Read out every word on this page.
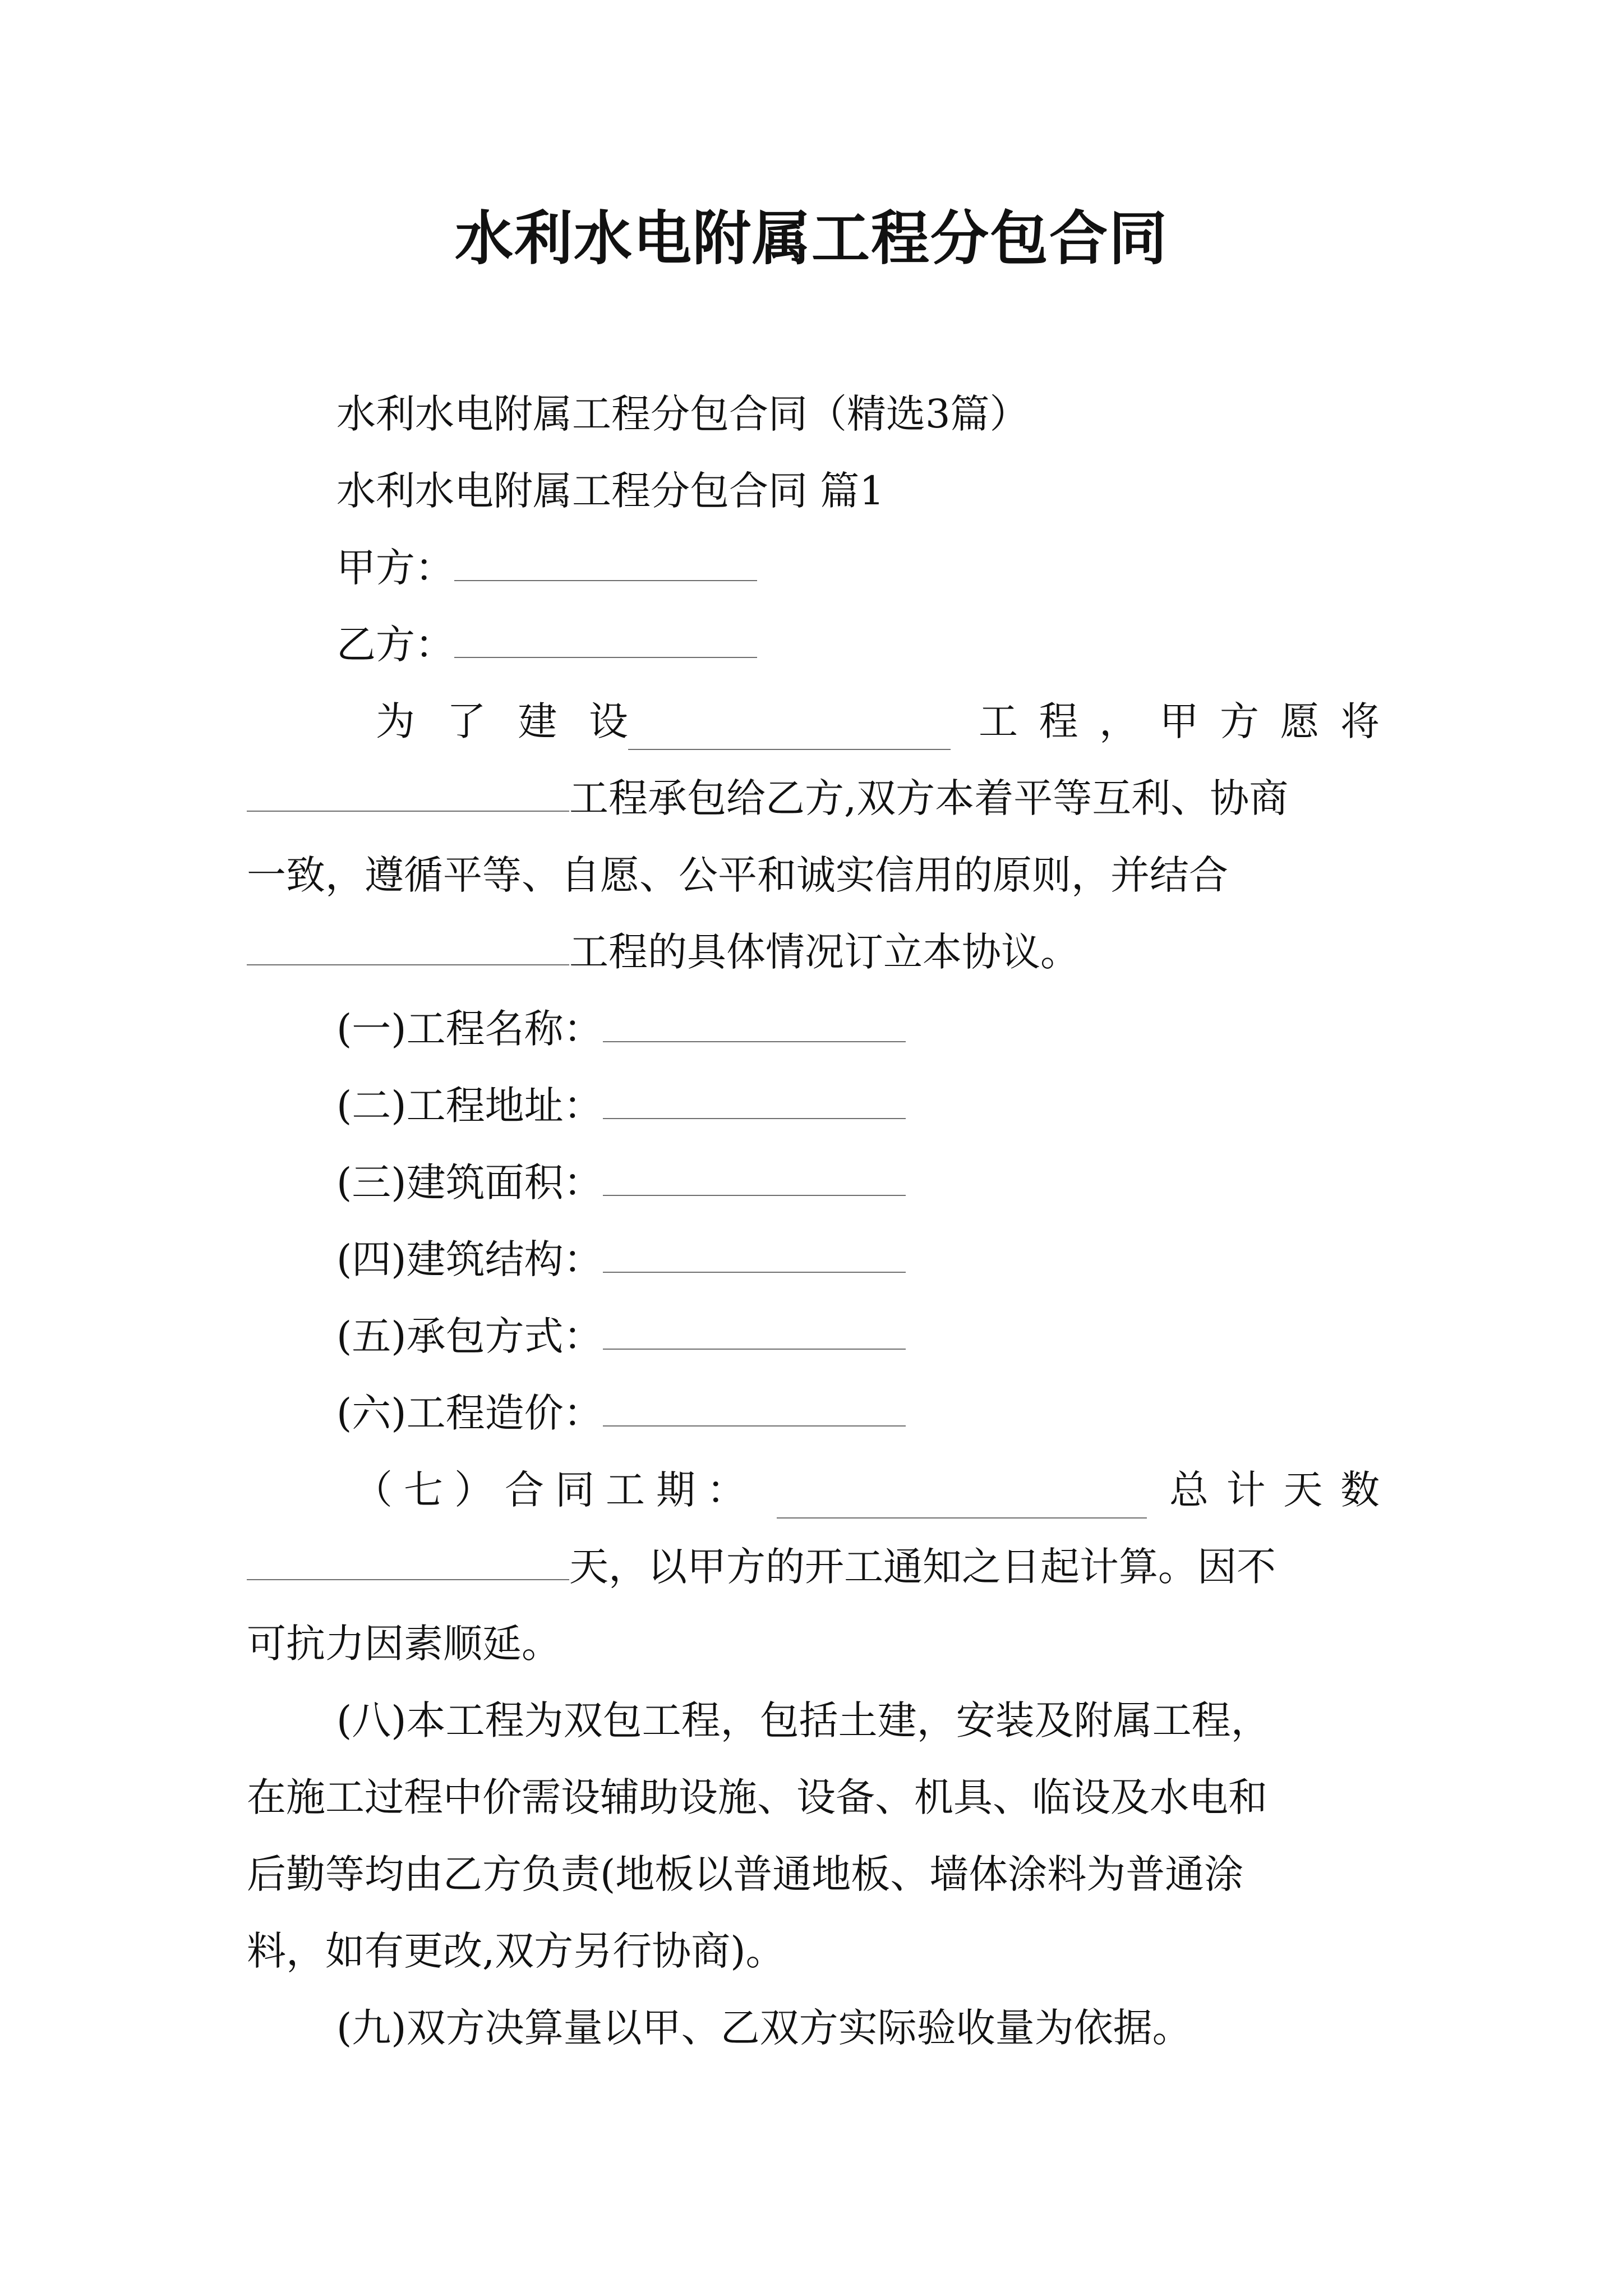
水利水电附属工程分包合同
水利水电附属工程分包合同（精选3篇）
水利水电附属工程分包合同 篇1
甲方：
乙方：
为 了 建 设	工 程 ， 甲 方 愿 将
工程承包给乙方,双方本着平等互利、协商
一致，遵循平等、自愿、公平和诚实信用的原则，并结合
工程的具体情况订立本协议。
(一)工程名称：
(二)工程地址：
(三)建筑面积：
(四)建筑结构：
(五)承包方式：
(六)工程造价：
（ 七 ） 合 同 工 期 ：	总 计 天 数
天，以甲方的开工通知之日起计算。因不
可抗力因素顺延。
(八)本工程为双包工程，包括土建，安装及附属工程，
在施工过程中价需设辅助设施、设备、机具、临设及水电和
后勤等均由乙方负责(地板以普通地板、墙体涂料为普通涂
料，如有更改,双方另行协商)。
(九)双方决算量以甲、乙双方实际验收量为依据。
